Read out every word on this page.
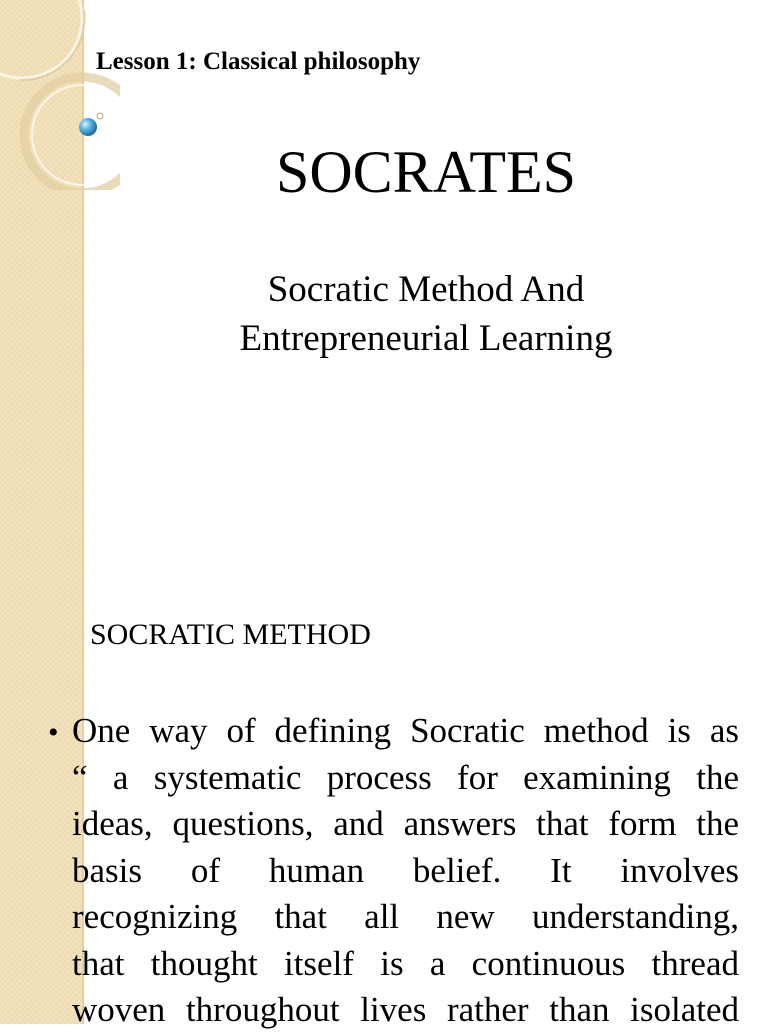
Lesson 1: Classical philosophy
SOCRATES
Socratic Method And
Entrepreneurial Learning
SOCRATIC METHOD
• One way of defining Socratic method is as
“ a systematic process for examining the
ideas, questions, and answers that form the
basis of human belief. It involves
recognizing that all new understanding,
that thought itself is a continuous thread
woven throughout lives rather than isolated
